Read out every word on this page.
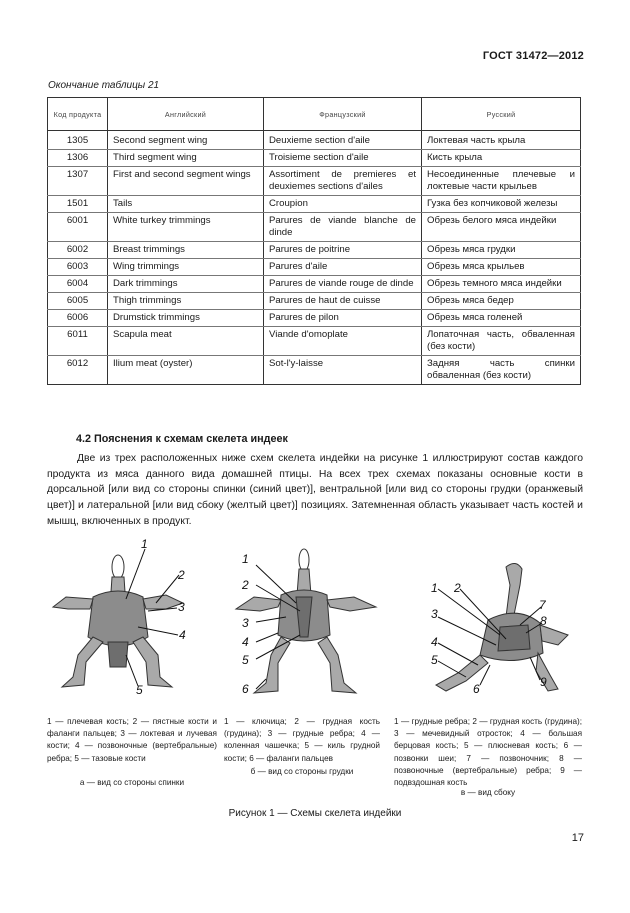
ГОСТ 31472—2012
Окончание таблицы 21
Код продукта	Английский	Французский	Русский

1305	Second segment wing	Deuxieme section d'aile	Локтевая часть крыла
1306	Third segment wing	Troisieme section d'aile	Кисть крыла
1307	First and second segment wings	Assortiment de premieres et deuxiemes sections d'ailes	Несоединенные плечевые и локтевые части крыльев
1501	Tails	Croupion	Гузка без копчиковой железы
6001	White turkey trimmings	Parures de viande blanche de dinde	Обрезь белого мяса индейки
6002	Breast trimmings	Parures de poitrine	Обрезь мяса грудки
6003	Wing trimmings	Parures d'aile	Обрезь мяса крыльев
6004	Dark trimmings	Parures de viande rouge de dinde	Обрезь темного мяса индейки
6005	Thigh trimmings	Parures de haut de cuisse	Обрезь мяса бедер
6006	Drumstick trimmings	Parures de pilon	Обрезь мяса голеней
6011	Scapula meat	Viande d'omoplate	Лопаточная часть, обваленная (без кости)
6012	Ilium meat (oyster)	Sot-l'y-laisse	Задняя часть спинки обваленная (без кости)
4.2 Пояснения к схемам скелета индеек
Две из трех расположенных ниже схем скелета индейки на рисунке 1 иллюстрируют состав каждого продукта из мяса данного вида домашней птицы. На всех трех схемах показаны основные кости в дорсальной [или вид со стороны спинки (синий цвет)], вентральной [или вид со стороны грудки (оранжевый цвет)] и латеральной [или вид сбоку (желтый цвет)] позициях. Затемненная область указывает часть костей и мышц, включенных в продукт.
1
2
3
4
5
1
2
3
4
5
6
1 2
3
4
5
6
7
8
9
1 — плечевая кость; 2 — пястные кости и фаланги пальцев; 3 — локтевая и лучевая кости; 4 — позвоночные (вертебральные) ребра; 5 — тазовые кости
1 — ключица; 2 — грудная кость (грудина); 3 — грудные ребра; 4 — коленная чашечка; 5 — киль грудной кости; 6 — фаланги пальцев
1 — грудные ребра; 2 — грудная кость (грудина); 3 — мечевидный отросток; 4 — большая берцовая кость; 5 — плюсневая кость; 6 — позвонки шеи; 7 — позвоночник; 8 — позвоночные (вертебральные) ребра; 9 — подвздошная кость
а — вид со стороны спинки
б — вид со стороны грудки
в — вид сбоку
Рисунок 1 — Схемы скелета индейки
17
